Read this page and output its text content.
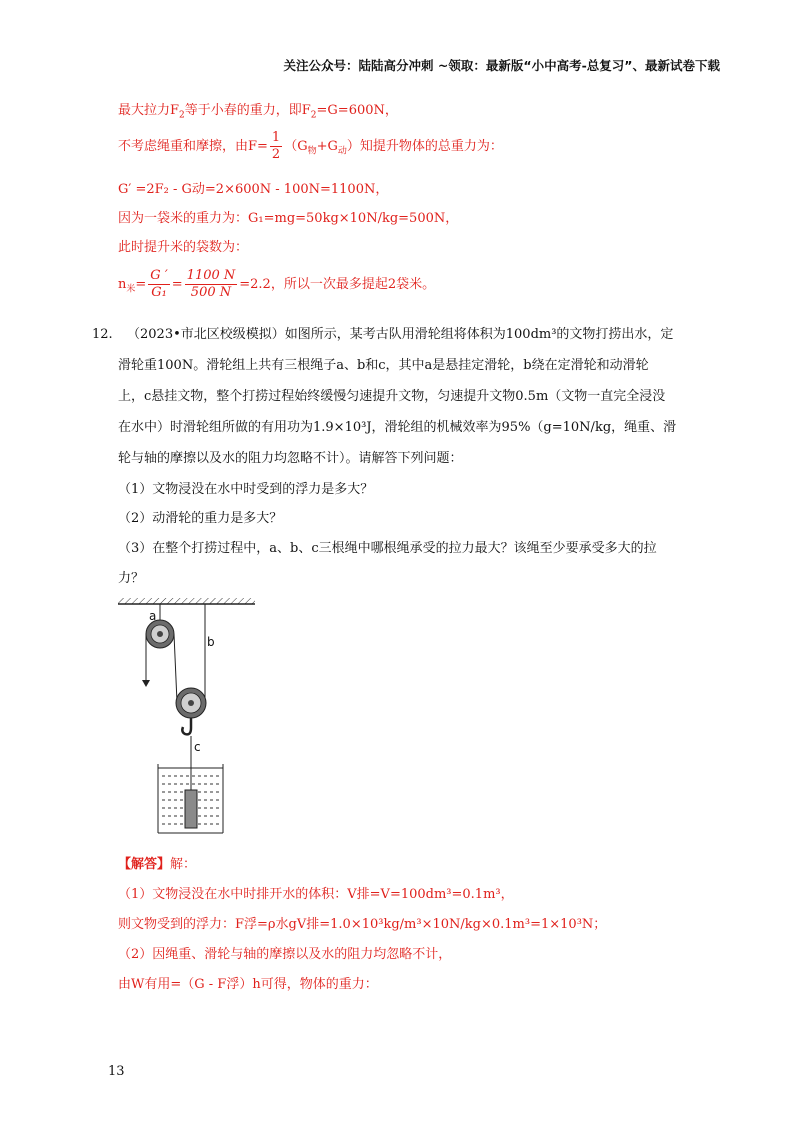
关注公众号：陆陆高分冲刺 ~领取：最新版“小中高考-总复习”、最新试卷下载
最大拉力$F_2$等于小春的重力，即$F_2=G=600N$，
不考虑绳重和摩擦，由$F= \frac{1}{2} (G_物+G_动)$知提升物体的总重力为：
G′ =2F₂ - G动=2×600N - 100N=1100N，
因为一袋米的重力为：G₁=mg=50kg×10N/kg=500N，
此时提升米的袋数为：
$n_米= \frac{G '}{\text{G₁}} = \frac{1100 N}{500 N} =2.2$，所以一次最多提起2袋米。
12. （2023•市北区校级模拟）如图所示，某考古队用滑轮组将体积为100dm³的文物打捞出水，定
滑轮重100N。滑轮组上共有三根绳子a、b和c，其中a是悬挂定滑轮，b绕在定滑轮和动滑轮
上，c悬挂文物，整个打捞过程始终缓慢匀速提升文物，匀速提升文物0.5m（文物一直完全浸没
在水中）时滑轮组所做的有用功为1.9×10³J，滑轮组的机械效率为95%（g=10N/kg，绳重、滑
轮与轴的摩擦以及水的阻力均忽略不计）。请解答下列问题：
（1）文物浸没在水中时受到的浮力是多大？
（2）动滑轮的重力是多大？
（3）在整个打捞过程中，a、b、c三根绳中哪根绳承受的拉力最大？该绳至少要承受多大的拉
力？
a
b
c
【解答】解：
（1）文物浸没在水中时排开水的体积：V排=V=100dm³=0.1m³，
则文物受到的浮力：F浮=ρ水gV排=1.0×10³kg/m³×10N/kg×0.1m³=1×10³N；
（2）因绳重、滑轮与轴的摩擦以及水的阻力均忽略不计，
由W有用=（G - F浮）h可得，物体的重力：
13
